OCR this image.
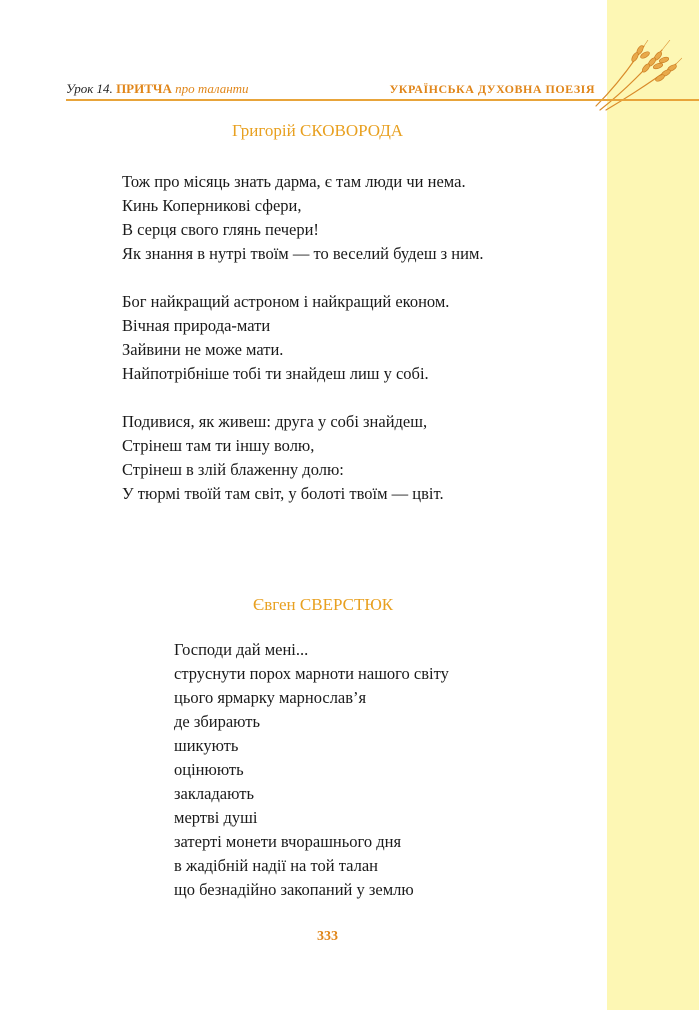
Урок 14. ПРИТЧА про таланти	УКРАЇНСЬКА ДУХОВНА ПОЕЗІЯ
Григорій СКОВОРОДА
Тож про місяць знать дарма, є там люди чи нема.
Кинь Коперникові сфери,
В серця свого глянь печери!
Як знання в нутрі твоїм — то веселий будеш з ним.
Бог найкращий астроном і найкращий економ.
Вічная природа-мати
Зайвини не може мати.
Найпотрібніше тобі ти знайдеш лиш у собі.
Подивися, як живеш: друга у собі знайдеш,
Стрінеш там ти іншу волю,
Стрінеш в злій блаженну долю:
У тюрмі твоїй там світ, у болоті твоїм — цвіт.
Євген СВЕРСТЮК
Господи дай мені...
струснути порох марноти нашого світу
цього ярмарку марнослав’я
де збирають
шикують
оцінюють
закладають
мертві душі
затерті монети вчорашнього дня
в жадібній надії на той талан
що безнадійно закопаний у землю
333
